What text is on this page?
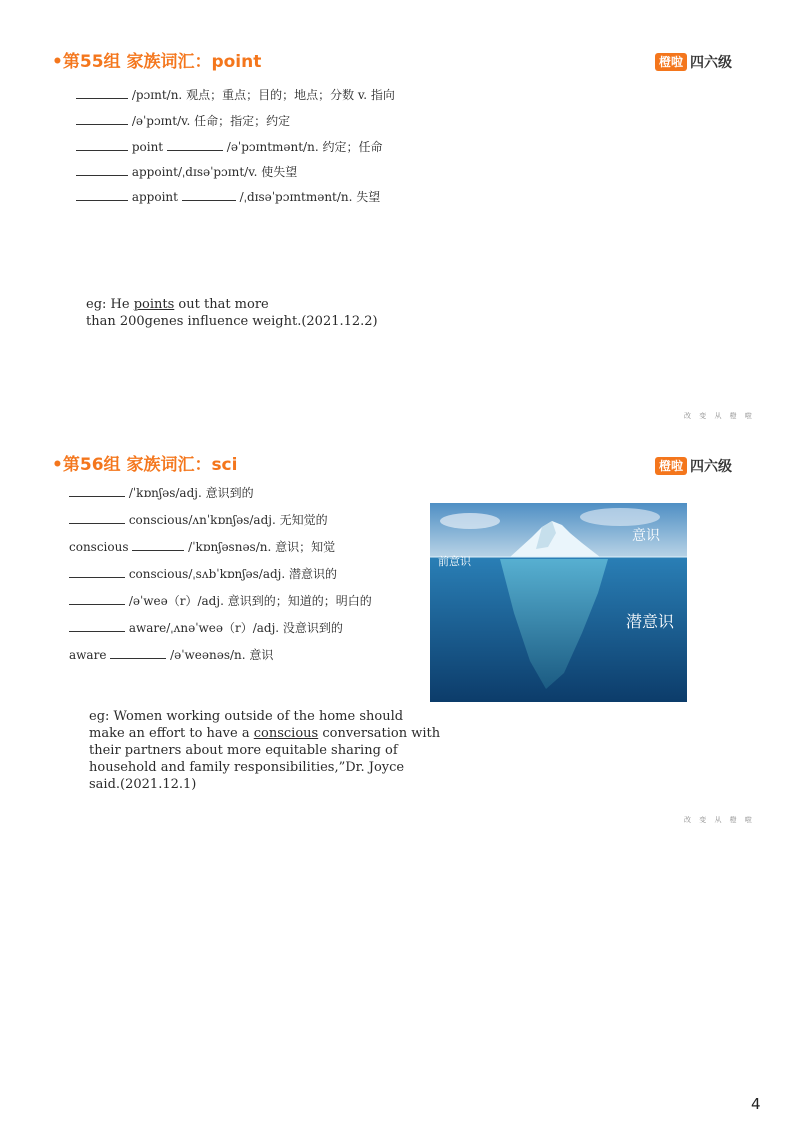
•第55组 家族词汇：point	橙啦 四六级
/pɔɪnt/n. 观点；重点；目的；地点；分数 v. 指向
/əˈpɔɪnt/v. 任命；指定；约定
point	/əˈpɔɪntmənt/n. 约定；任命
appoint/ˌdɪsəˈpɔɪnt/v. 使失望
appoint	/ˌdɪsəˈpɔɪntmənt/n. 失望
eg: He points out that more
than 200genes influence weight.(2021.12.2)
改 变 从 橙 啦
•第56组 家族词汇：sci	橙啦 四六级
/ˈkɒnʃəs/adj. 意识到的
conscious/ʌnˈkɒnʃəs/adj. 无知觉的
conscious	/ˈkɒnʃəsnəs/n. 意识；知觉
conscious/ˌsʌbˈkɒnʃəs/adj. 潜意识的
/əˈweə（r）/adj. 意识到的；知道的；明白的
aware/ˌʌnəˈweə（r）/adj. 没意识到的
aware	/əˈweənəs/n. 意识
意识
前意识
潜意识
eg: Women working outside of the home should
make an effort to have a conscious conversation with
their partners about more equitable sharing of
household and family responsibilities,”Dr. Joyce
said.(2021.12.1)
改 变 从 橙 啦
4
